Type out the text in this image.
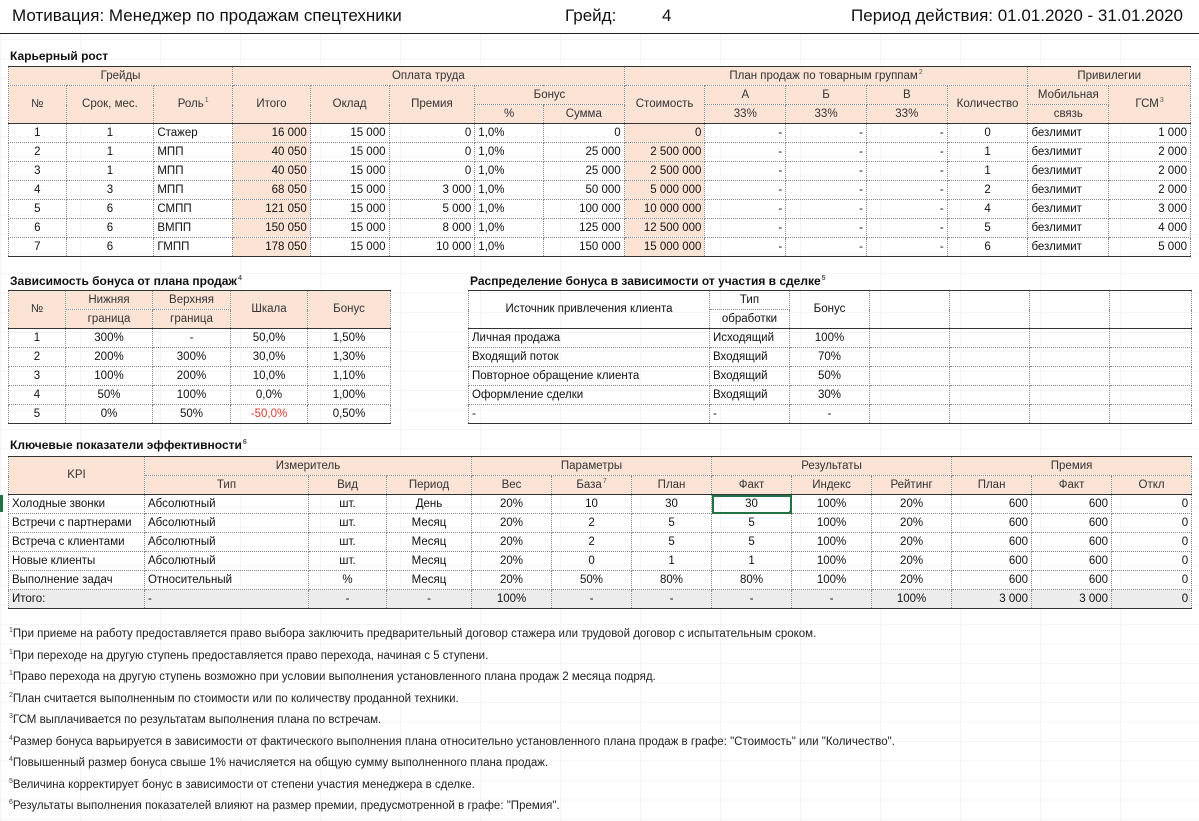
Мотивация: Менеджер по продажам спецтехники	Грейд:	4	Период действия: 01.01.2020 - 31.01.2020
Карьерный рост
Грейды			Оплата труда					План продаж по товарным группам$^2$					Привилегии	
№	Срок, мес.	Роль$^1$	Итого	Оклад	Премия	Бонус		Стоимость	А	Б	В	Количество	Мобильная	ГСМ$^3$
						%	Сумма		33%	33%	33%		связь	
1	1	Стажер	16 000	15 000	0	1,0%	0	0	-	-	-	0	безлимит	1 000
2	1	МПП	40 050	15 000	0	1,0%	25 000	2 500 000	-	-	-	1	безлимит	2 000
3	1	МПП	40 050	15 000	0	1,0%	25 000	2 500 000	-	-	-	1	безлимит	2 000
4	3	МПП	68 050	15 000	3 000	1,0%	50 000	5 000 000	-	-	-	2	безлимит	2 000
5	6	СМПП	121 050	15 000	5 000	1,0%	100 000	10 000 000	-	-	-	4	безлимит	3 000
6	6	ВМПП	150 050	15 000	8 000	1,0%	125 000	12 500 000	-	-	-	5	безлимит	4 000
7	6	ГМПП	178 050	15 000	10 000	1,0%	150 000	15 000 000	-	-	-	6	безлимит	5 000
Зависимость бонуса от плана продаж$^4$
№	Нижняя	Верхняя	Шкала	Бонус
	граница	границa		
1	300%	-	50,0%	1,50%
2	200%	300%	30,0%	1,30%
3	100%	200%	10,0%	1,10%
4	50%	100%	0,0%	1,00%
5	0%	50%	-50,0%	0,50%
Распределение бонуса в зависимости от участия в сделке$^5$
Источник привлечения клиента	Тип	Бонус				
	обработки					
Личная продажа	Исходящий	100%				
Входящий поток	Входящий	70%				
Повторное обращение клиента	Входящий	50%				
Оформление сделки	Входящий	30%				
-	-	-				
Ключевые показатели эффективности$^6$
KPI	Измеритель			Параметры			Результаты			Премия		
	Тип	Вид	Период	Вес	База$^7$	План	Факт	Индекс	Рейтинг	План	Факт	Откл
Холодные звонки	Абсолютный	шт.	День	20%	10	30	30	100%	20%	600	600	0
Встречи с партнерами	Абсолютный	шт.	Месяц	20%	2	5	5	100%	20%	600	600	0
Встреча с клиентами	Абсолютный	шт.	Месяц	20%	2	5	5	100%	20%	600	600	0
Новые клиенты	Абсолютный	шт.	Месяц	20%	0	1	1	100%	20%	600	600	0
Выполнение задач	Относительный	%	Месяц	20%	50%	80%	80%	100%	20%	600	600	0
Итого:	-	-	-	100%	-	-	-	-	100%	3 000	3 000	0
$^1$При приеме на работу предоставляется право выбора заключить предварительный договор стажера или трудовой договор с испытательным сроком.
$^1$При переходе на другую ступень предоставляется право перехода, начиная с 5 ступени.
$^1$Право перехода на другую ступень возможно при условии выполнения установленного плана продаж 2 месяца подряд.
$^2$План считается выполненным по стоимости или по количеству проданной техники.
$^3$ГСМ выплачивается по результатам выполнения плана по встречам.
$^4$Размер бонуса варьируется в зависимости от фактического выполнения плана относительно установленного плана продаж в графе: "Стоимость" или "Количество".
$^4$Повышенный размер бонуса свыше 1% начисляется на общую сумму выполненного плана продаж.
$^5$Величина корректирует бонус в зависимости от степени участия менеджера в сделке.
$^6$Результаты выполнения показателей влияют на размер премии, предусмотренной в графе: "Премия".
